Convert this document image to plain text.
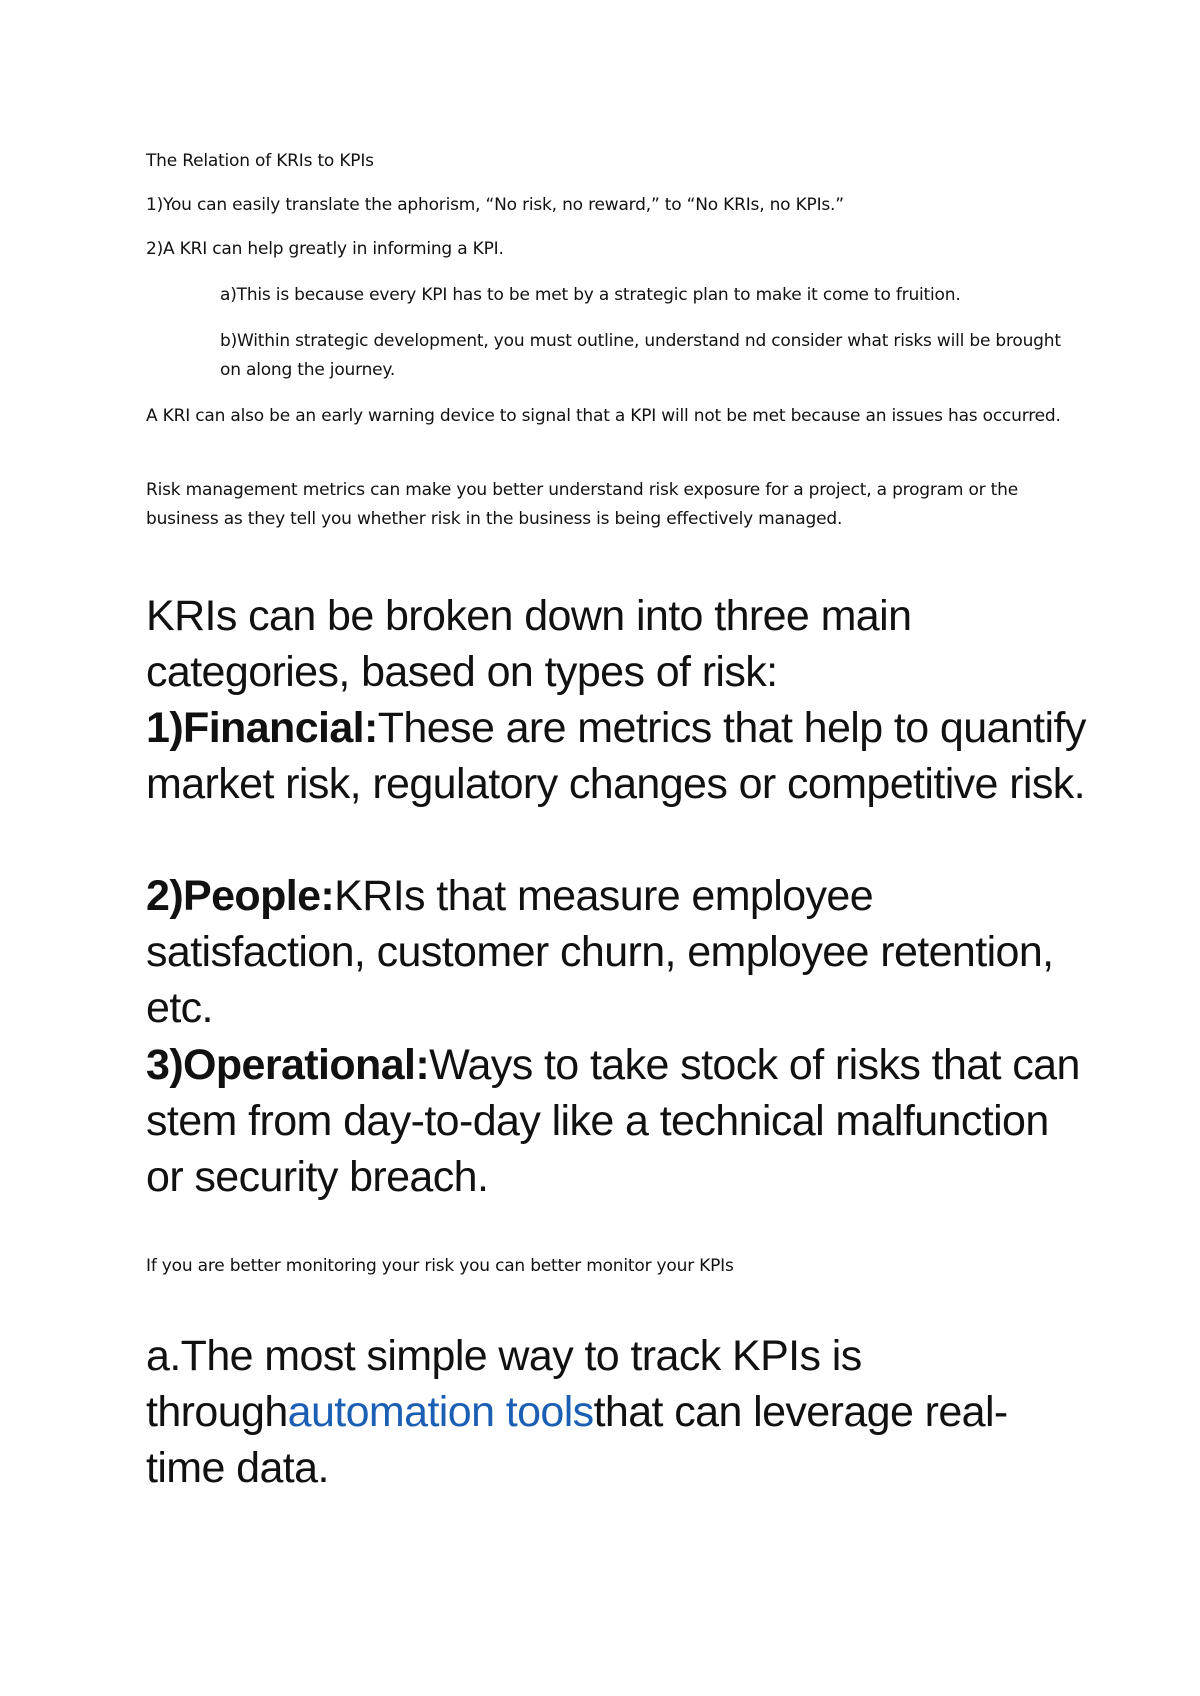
The Relation of KRIs to KPIs

1)You can easily translate the aphorism, “No risk, no reward,” to “No KRIs, no KPIs.”

2)A KRI can help greatly in informing a KPI.

a)This is because every KPI has to be met by a strategic plan to make it come to fruition.

b)Within strategic development, you must outline, understand nd consider what risks will be brought on along the journey.

A KRI can also be an early warning device to signal that a KPI will not be met because an issues has occurred.

Risk management metrics can make you better understand risk exposure for a project, a program or the business as they tell you whether risk in the business is being effectively managed.

KRIs can be broken down into three main categories, based on types of risk:

1)Financial:These are metrics that help to quantify market risk, regulatory changes or competitive risk.

2)People:KRIs that measure employee satisfaction, customer churn, employee retention, etc.

3)Operational:Ways to take stock of risks that can stem from day-to-day like a technical malfunction or security breach.

If you are better monitoring your risk you can better monitor your KPIs

a.The most simple way to track KPIs is throughautomation toolsthat can leverage real-time data.
